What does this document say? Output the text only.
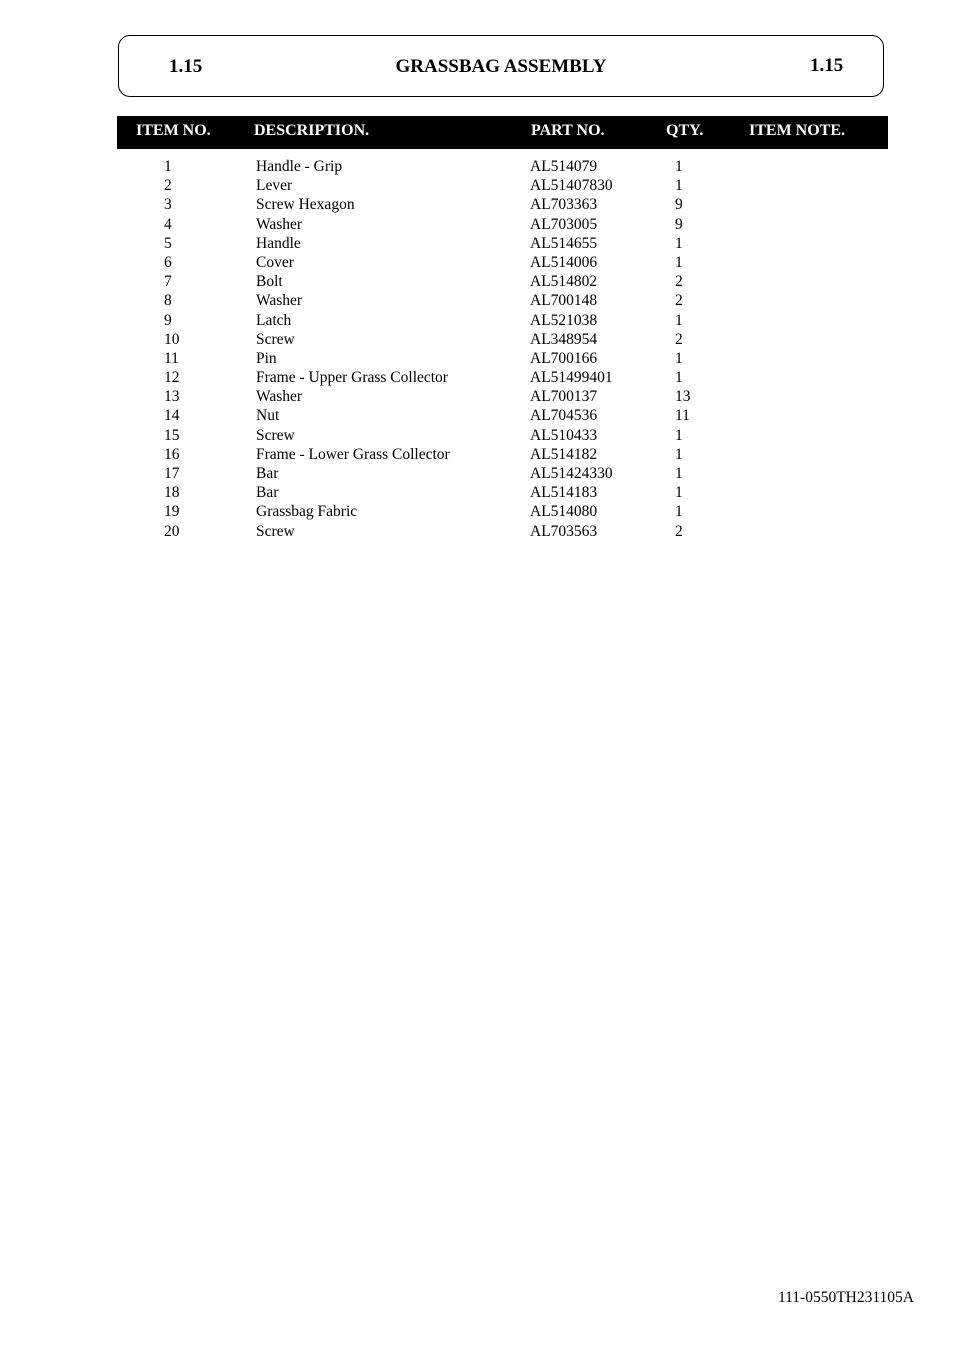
1.15	GRASSBAG ASSEMBLY	1.15
ITEM NO.	DESCRIPTION.	PART NO.	QTY.	ITEM NOTE.
1	Handle - Grip	AL514079	1
2	Lever	AL51407830	1
3	Screw Hexagon	AL703363	9
4	Washer	AL703005	9
5	Handle	AL514655	1
6	Cover	AL514006	1
7	Bolt	AL514802	2
8	Washer	AL700148	2
9	Latch	AL521038	1
10	Screw	AL348954	2
11	Pin	AL700166	1
12	Frame - Upper Grass Collector	AL51499401	1
13	Washer	AL700137	13
14	Nut	AL704536	11
15	Screw	AL510433	1
16	Frame - Lower Grass Collector	AL514182	1
17	Bar	AL51424330	1
18	Bar	AL514183	1
19	Grassbag Fabric	AL514080	1
20	Screw	AL703563	2
111-0550TH231105A
